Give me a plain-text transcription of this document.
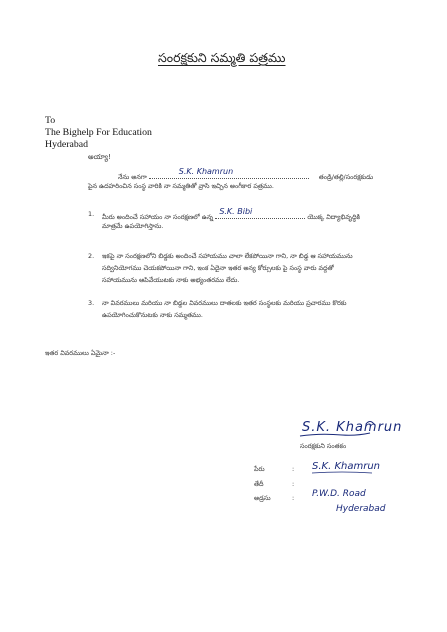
సంరక్షకుని సమ్మతి పత్రము
To
The Bighelp For Education
Hyderabad
అయ్యా!
నేను అనగా
S.K. Khamrun
తండ్రి/తల్లి/సంరక్షకుడు
పైన ఉదహరించిన సంస్థ వారికి నా సమ్మతితో వ్రాసి ఇచ్చిన అంగీకార పత్రము.
1. మీరు అందించే సహాయం నా సంరక్షణలో ఉన్న
S.K. Bibi
యొక్క విద్యాభివృద్ధికి
మాత్రమే ఉపయోగిస్తాను.
2. ఇకపై నా సంరక్షణలోని బిడ్డకు అందించే సహాయము చాలా లేకపోయినా గాని, నా బిడ్డ ఆ సహాయమును
సద్వినియోగము చెయకపోయినా గాని, ఇంక ఏదైనా ఇతర అన్య కోర్సులకు పై సంస్థ వారు వద్దతో
సహాయమును ఆపివేయుటకు నాకు అభ్యంతరము లేదు.
3. నా వివరములు మరియు నా బిడ్డల వివరములు దాతలకు ఇతర సంస్థలకు మరియు ప్రచారము కొరకు
ఉపయోగించుకొనుటకు నాకు సమ్మతము.
ఇతర వివరములు ఏమైనా :-
S.K. Khamrun
సంరక్షకుని సంతకం
పేరు	: S.K. Khamrun
తేదీ	:
అడ్రసు	: P.W.D. Road
Hyderabad
